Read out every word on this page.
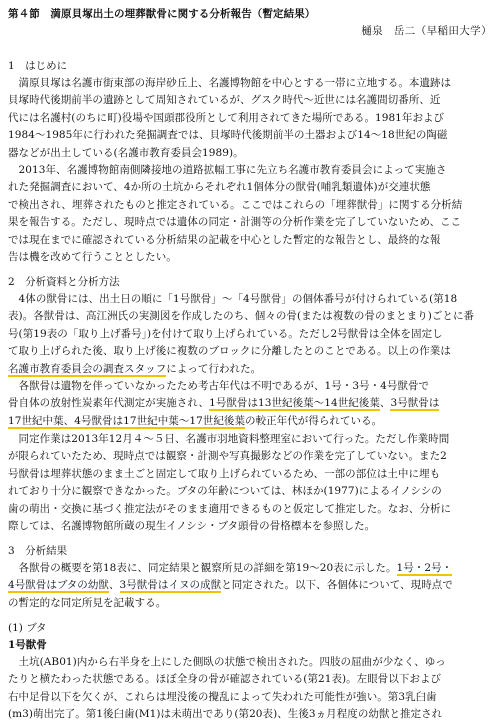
第４節　満原貝塚出土の埋葬獣骨に関する分析報告（暫定結果）
樋泉　岳二（早稲田大学）
1　はじめに
　満原貝塚は名護市街東部の海岸砂丘上、名護博物館を中心とする一帯に立地する。本遺跡は
貝塚時代後期前半の遺跡として周知されているが、グスク時代～近世には名護間切番所、近
代には名護村(のちに町)役場や国頭郡役所として利用されてきた場所である。1981年および
1984～1985年に行われた発掘調査では、貝塚時代後期前半の土器および14～18世紀の陶磁
器などが出土している(名護市教育委員会1989)。
　2013年、名護博物館南側隣接地の道路拡幅工事に先立ち名護市教育委員会によって実施さ
れた発掘調査において、4か所の土坑からそれぞれ1個体分の獣骨(哺乳類遺体)が交連状態
で検出され、埋葬されたものと推定されている。ここではこれらの「埋葬獣骨」に関する分析結
果を報告する。ただし、現時点では遺体の同定・計測等の分析作業を完了していないため、ここ
では現在までに確認されている分析結果の記載を中心とした暫定的な報告とし、最終的な報
告は機を改めて行うこととしたい。
2　分析資料と分析方法
　4体の獣骨には、出土日の順に「1号獣骨」～「4号獣骨」の個体番号が付けられている(第18
表)。各獣骨は、高江洲氏の実測図を作成したのち、個々の骨(または複数の骨のまとまり)ごとに番
号(第19表の「取り上げ番号」)を付けて取り上げられている。ただし2号獣骨は全体を固定し
て取り上げられた後、取り上げ後に複数のブロックに分離したとのことである。以上の作業は
名護市教育委員会の調査スタッフによって行われた。
　各獣骨は遺物を伴っていなかったため考古年代は不明であるが、1号・3号・4号獣骨で
骨自体の放射性炭素年代測定が実施され、1号獣骨は13世紀後葉～14世紀後葉、3号獣骨は
17世紀中葉、4号獣骨は17世紀中葉～17世紀後葉の較正年代が得られている。
　同定作業は2013年12月４～５日、名護市羽地資料整理室において行った。ただし作業時間
が限られていたため、現時点では観察・計測や写真撮影などの作業を完了していない。また2
号獣骨は埋葬状態のまま土ごと固定して取り上げられているため、一部の部位は土中に埋も
れており十分に観察できなかった。ブタの年齢については、林ほか(1977)によるイノシシの
歯の萌出・交換に基づく推定法がそのまま適用できるものと仮定して推定した。なお、分析に
際しては、名護博物館所蔵の現生イノシシ・ブタ頭骨の骨格標本を参照した。
3　分析結果
　各獣骨の概要を第18表に、同定結果と観察所見の詳細を第19～20表に示した。1号・2号・
4号獣骨はブタの幼獣、3号獣骨はイヌの成獣と同定された。以下、各個体について、現時点で
の暫定的な同定所見を記載する。
(1) ブタ
1号獣骨
　土坑(AB01)内から右半身を上にした側臥の状態で検出された。四肢の屈曲が少なく、ゆっ
たりと横たわった状態である。ほぼ全身の骨が確認されている(第21表)。左眼骨以下および
右中足骨以下を欠くが、これらは埋没後の攪乱によって失われた可能性が強い。第3乳臼歯
(m3)萌出完了。第1後臼歯(M1)は未萌出であり(第20表)、生後3ヵ月程度の幼獣と推定され
